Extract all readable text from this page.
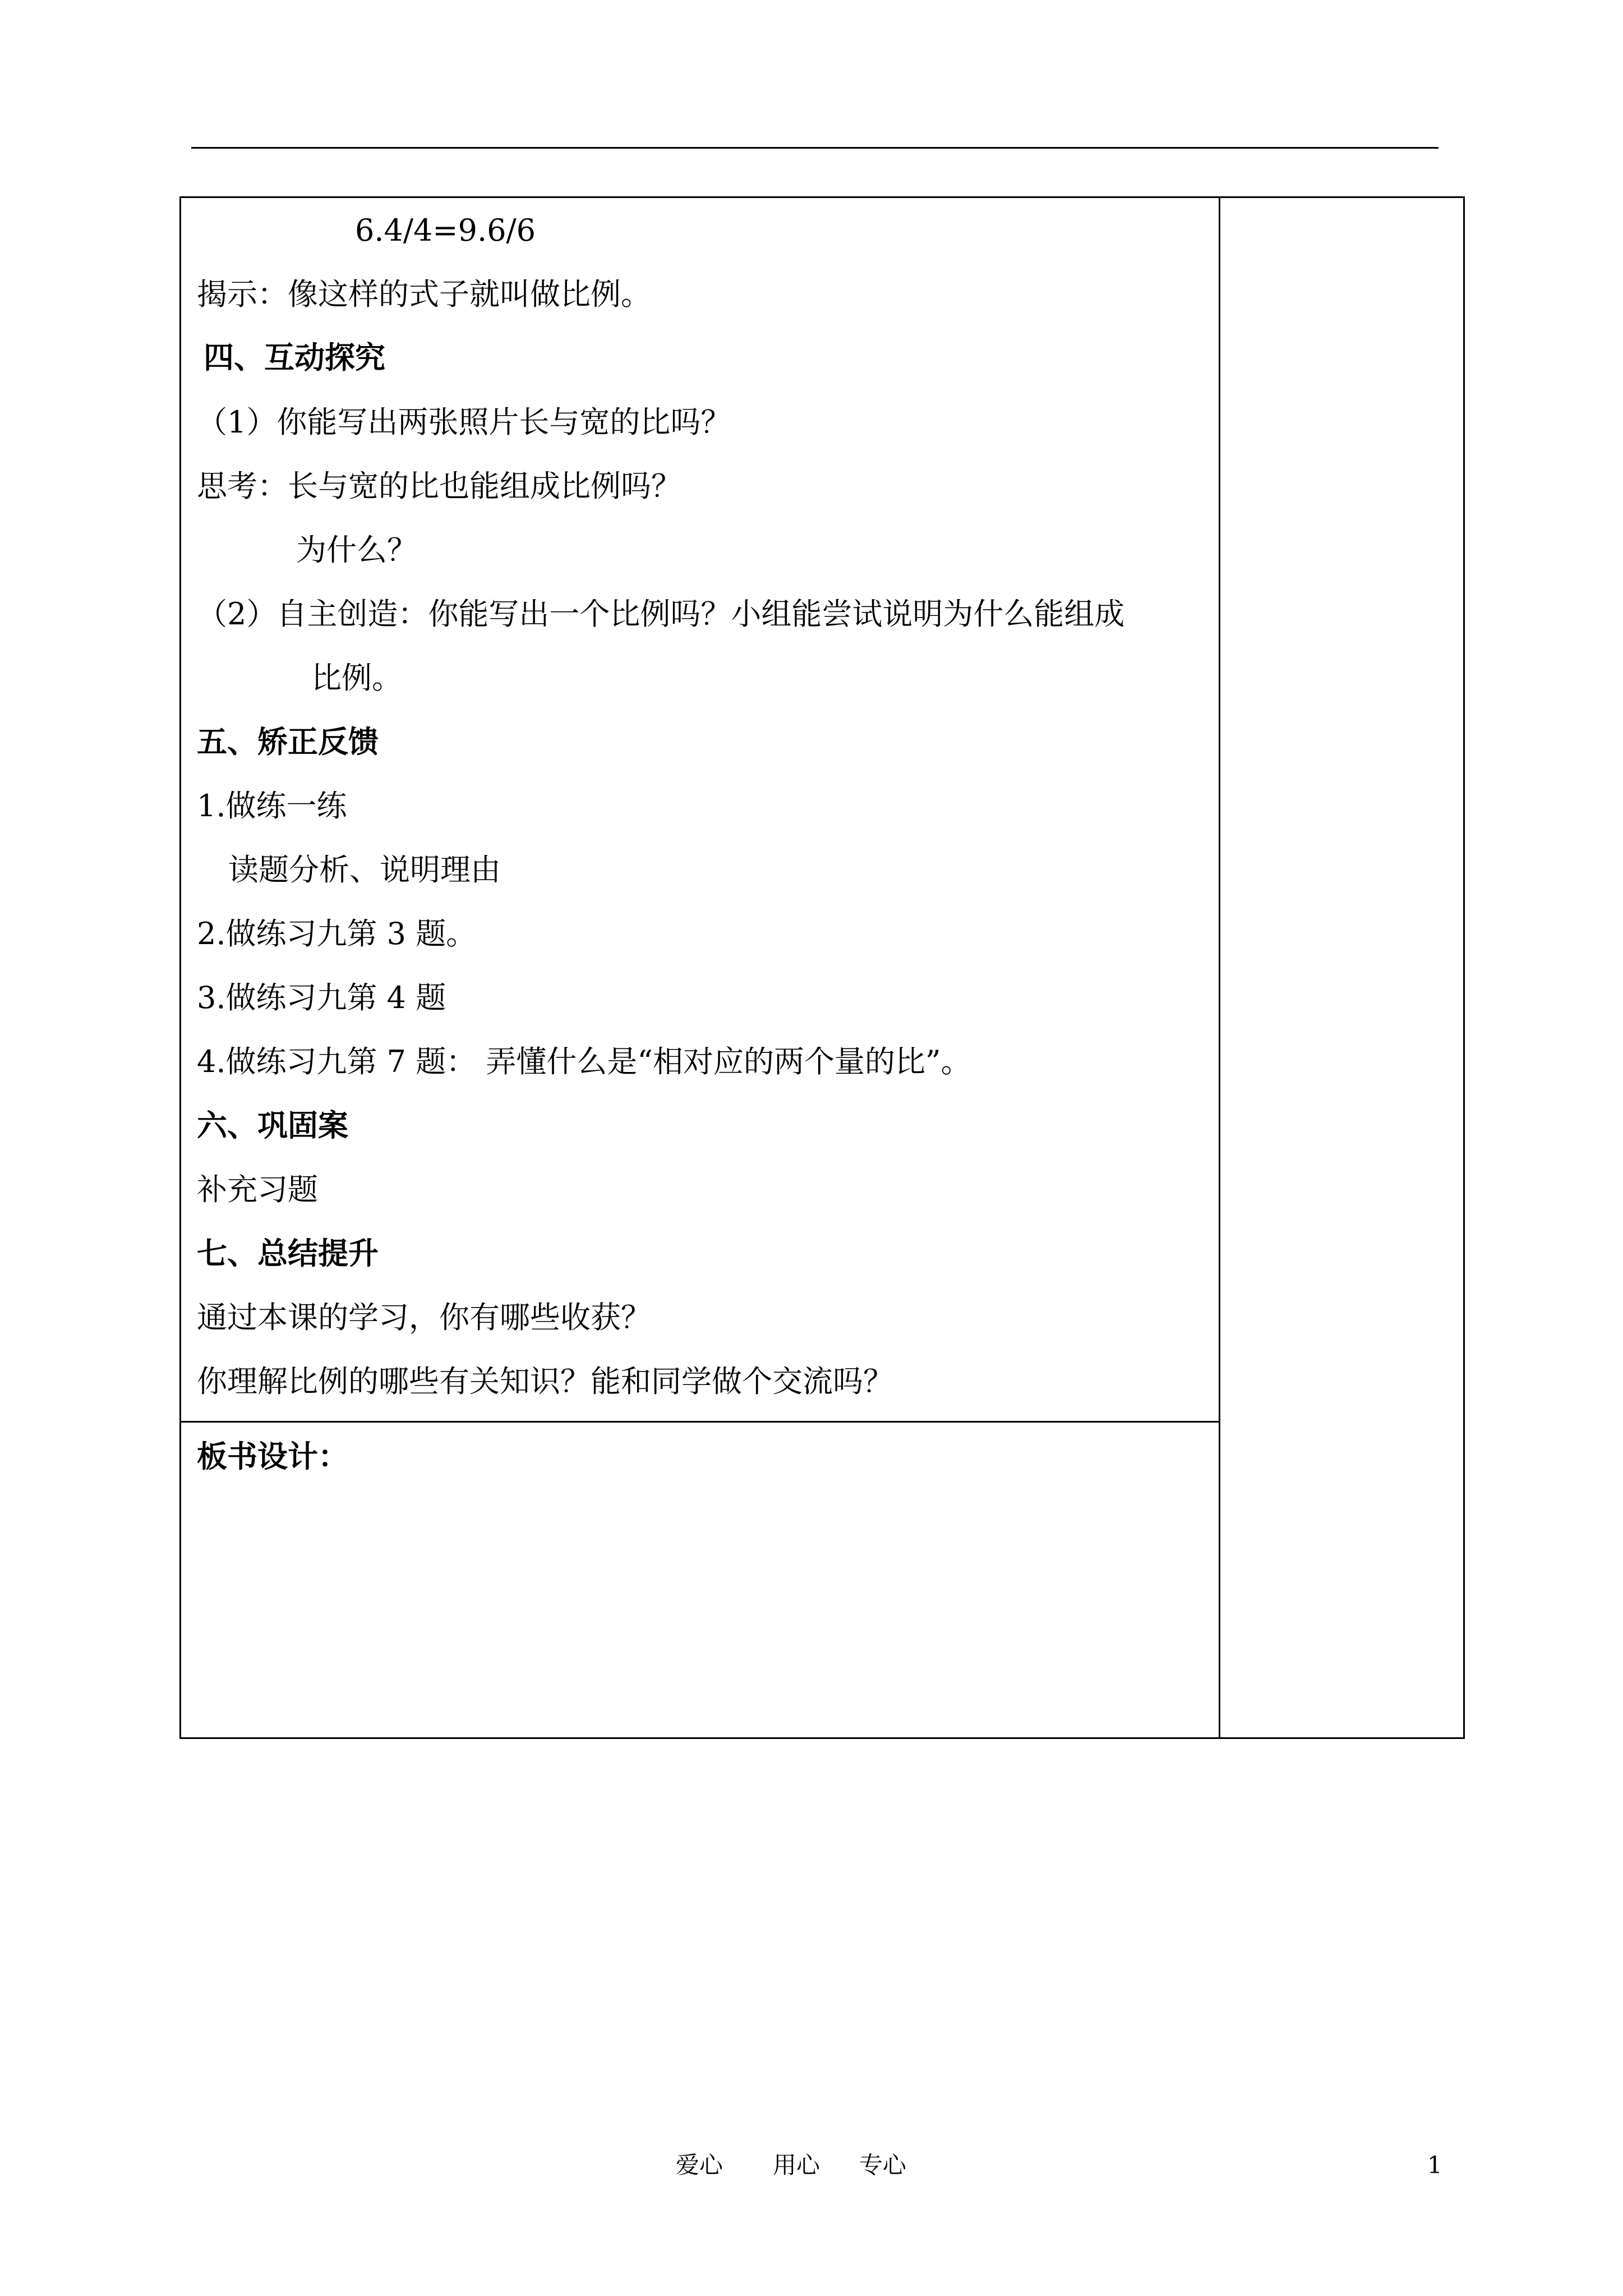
6.4/4=9.6/6
揭示：像这样的式子就叫做比例。
四、互动探究
（1）你能写出两张照片长与宽的比吗？
思考：长与宽的比也能组成比例吗？
为什么？
（2）自主创造：你能写出一个比例吗？小组能尝试说明为什么能组成
比例。
五、矫正反馈
1.做练一练
读题分析、说明理由
2.做练习九第 3 题。
3.做练习九第 4 题
4.做练习九第 7 题： 弄懂什么是“相对应的两个量的比”。
六、巩固案
补充习题
七、总结提升
通过本课的学习，你有哪些收获？
你理解比例的哪些有关知识？能和同学做个交流吗？
板书设计：
爱心 用心 专心	1
